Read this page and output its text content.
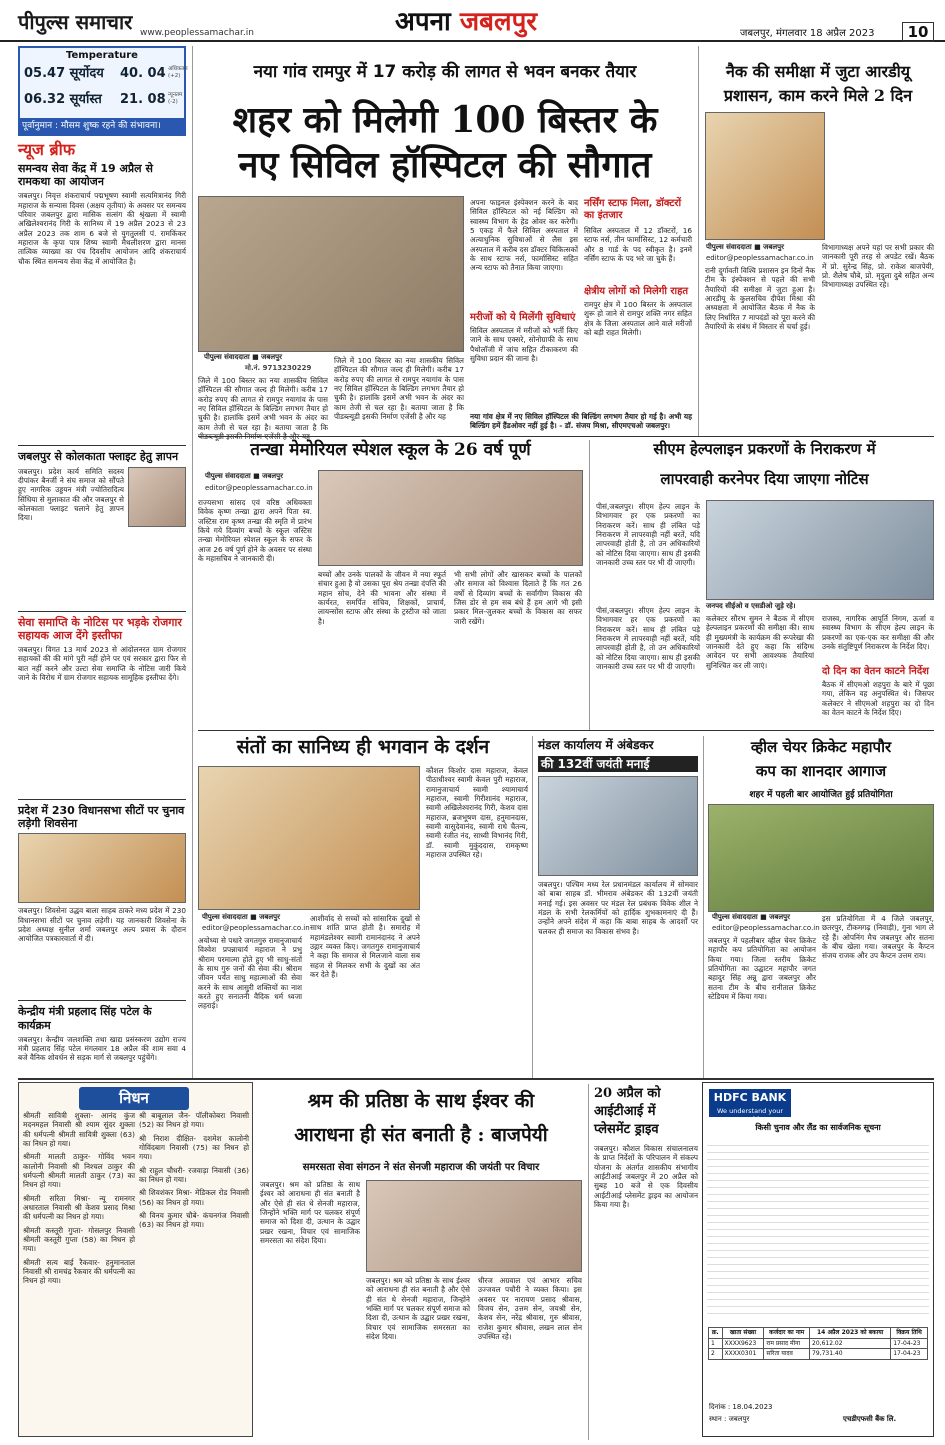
पीपुल्स समाचार www.peoplessamachar.in	अपना जबलपुर	जबलपुर, मंगलवार 18 अप्रैल 2023	10
Temperature
05.47 सूर्योदय 40. 04 अधिकतम (+2)
06.32 सूर्यास्त 21. 08 न्यूनतम (-2)
पूर्वानुमान : मौसम शुष्क रहने की संभावना।
न्यूज ब्रीफ
समन्वय सेवा केंद्र में 19 अप्रैल से रामकथा का आयोजन
जबलपुर। निवृत्त शंकराचार्य पद्मभूषण स्वामी सत्यमित्रानंद गिरी महाराज के सन्यास दिवस (अक्षय तृतीया) के अवसर पर समन्वय परिवार जबलपुर द्वारा मासिक सत्संग की श्रृंखला में स्वामी अखिलेश्वरानंद गिरी के सानिध्य में 19 अप्रैल 2023 से 23 अप्रैल 2023 तक शाम 6 बजे से युगतुलसी पं. रामकिंकर महाराज के कृपा पात्र शिष्य स्वामी मैथलीशरण द्वारा मानस तात्विक व्याख्या का पंच दिवसीय आयोजन आदि शंकराचार्य चौक स्थित समन्वय सेवा केंद्र में आयोजित है।
जबलपुर से कोलकाता फ्लाइट हेतु ज्ञापन
जबलपुर। प्रदेश कार्य समिति सदस्य दीपांकर बैनर्जी ने संघ समाज को सौंपते हुए नागरिक उड्डयन मंत्री ज्योतिरादित्य सिंधिया से मुलाकात की और जबलपुर से कोलकाता फ्लाइट चलाने हेतु ज्ञापन दिया।
सेवा समाप्ति के नोटिस पर भड़के रोजगार सहायक आज देंगे इस्तीफा
जबलपुर। विगत 13 मार्च 2023 से आंदोलनरत ग्राम रोजगार सहायकों की की मांगे पूरी नहीं होने पर एवं सरकार द्वारा फिर से बात नहीं करने और उल्टा सेवा समाप्ति के नोटिस जारी किये जाने के विरोध में ग्राम रोजगार सहायक सामूहिक इस्तीफा देंगे।
प्रदेश में 230 विधानसभा सीटों पर चुनाव लड़ेगी शिवसेना
जबलपुर। शिवसेना उद्धव बाला साहब ठाकरे मध्य प्रदेश में 230 विधानसभा सीटों पर चुनाव लड़ेगी। यह जानकारी शिवसेना के प्रदेश अध्यक्ष सुनील शर्मा जबलपुर अल्प प्रवास के दौरान आयोजित पत्रकारवार्ता में दी।
केन्द्रीय मंत्री प्रहलाद सिंह पटेल के कार्यक्रम
जबलपुर। केन्द्रीय जलशक्ति तथा खाद्य प्रसंस्करण उद्योग राज्य मंत्री प्रहलाद सिंह पटेल मंगलवार 18 अप्रैल की शाम सवा 4 बजे वैनिक शोवर्धन से सड़क मार्ग से जबलपुर पहुंचेंगे।
नया गांव रामपुर में 17 करोड़ की लागत से भवन बनकर तैयार
शहर को मिलेगी 100 बिस्तर के
नए सिविल हॉस्पिटल की सौगात
पीपुल्स संवाददाता ■ जबलपुर
मो.नं. 9713230229
जिले में 100 बिस्तर का नया शासकीय सिविल हॉस्पिटल की सौगात जल्द ही मिलेगी। करीब 17 करोड़ रुपए की लागत से रामपुर नयागांव के पास नए सिविल हॉस्पिटल के बिल्डिंग लगभग तैयार हो चुकी है। हालांकि इसमें अभी भवन के अंदर का काम तेजी से चल रहा है। बताया जाता है कि
जिले में 100 बिस्तर का नया शासकीय सिविल हॉस्पिटल की सौगात जल्द ही मिलेगी। करीब 17 करोड़ रुपए की लागत से रामपुर नयागांव के पास नए सिविल हॉस्पिटल के बिल्डिंग लगभग तैयार हो चुकी है। हालांकि इसमें अभी भवन के अंदर का काम तेजी से चल रहा है। बताया जाता है कि पीडब्ल्यूडी इसकी निर्माण एजेंसी है और यह
अपना फाइनल इंस्पेक्शन करने के बाद सिविल हॉस्पिटल को नई बिल्डिंग को स्वास्थ्य विभाग के हेड ओवर कर करेगी। 5 एकड़ में फैले सिविल अस्पताल में अत्याधुनिक सुविधाओं से लैस इस अस्पताल में करीब दस डॉक्टर चिकित्सकों के साथ स्टाफ नर्स, फार्मासिस्ट सहित अन्य स्टाफ को तैनात किया जाएगा।
मरीजों को ये मिलेंगी सुविधाएं
सिविल अस्पताल में मरीजों को भर्ती किए जाने के साथ एक्सरे, सोनोग्राफी के साथ पैथोलॉजी में जांच सहित टीकाकरण की सुविधा प्रदान की जाना है।
नर्सिंग स्टाफ मिला, डॉक्टरों का इंतजार
सिविल अस्पताल में 12 डॉक्टरों, 16 स्टाफ नर्स, तीन फार्मासिस्ट, 12 कर्मचारी और 8 गार्ड के पद स्वीकृत है। इनमें नर्सिंग स्टाफ के पद भरे जा चुके हैं।
क्षेत्रीय लोगों को मिलेगी राहत
रामपुर क्षेत्र में 100 बिस्तर के अस्पताल शुरू हो जाने से रामपुर शक्ति नगर सहित क्षेत्र के जिला अस्पताल आने वाले मरीजों को बड़ी राहत मिलेगी।
नया गांव क्षेत्र में नए सिविल हॉस्पिटल की बिल्डिंग लगभग तैयार हो गई है। अभी यह बिल्डिंग हमें हैंडओवर नहीं हुई है। - डॉ. संजय मिश्रा, सीएमएचओ जबलपुर।
नैक की समीक्षा में जुटा आरडीयू
प्रशासन, काम करने मिले 2 दिन
पीपुल्स संवाददाता ■ जबलपुर
editor@peoplessamachar.co.in
रानी दुर्गावती विश्वि प्रशासन इन दिनों नैक टीम के इंस्पेक्शन से पहले की सभी तैयारियों की समीक्षा में जुटा हुआ है। आरडीयू के कुलसचिव दीपेश मिश्रा की अध्यक्षता में आयोजित बैठक में नैक के लिए निर्धारित 7 मापदंडों को पूरा करने की तैयारियों के संबंध में विस्तार से चर्चा हुई।
विभागाध्यक्ष अपने यहां पर सभी प्रकार की जानकारी पूरी तरह से अपडेट रखें। बैठक में प्रो. सुरेन्द्र सिंह, प्रो. राकेश बाजपेयी, प्रो. शैलेष चौबे, प्रो. मृदुला दुबे सहित अन्य विभागाध्यक्ष उपस्थित रहे।
तन्खा मेमोरियल स्पेशल स्कूल के 26 वर्ष पूर्ण
पीपुल्स संवाददाता ■ जबलपुर
editor@peoplessamachar.co.in
राज्यसभा सांसद एवं वरिष्ठ अधिवक्ता विवेक कृष्ण तन्खा द्वारा अपने पिता स्व. जस्टिस राम कृष्ण तन्खा की स्मृति में प्रारंभ किये गये दिव्यांग बच्चों के स्कूल जस्टिस तन्खा मेमोरियल स्पेशल स्कूल के सफर के आज 26 वर्ष पूर्ण होने के अवसर पर संस्था के महासचिव ने जानकारी दी।
बच्चों और उनके पालकों के जीवन में नया स्फूर्त संचार हुआ है वो उसका पूरा श्रेय तन्खा दंपत्ति की महान सोच, देने की भावना और संस्था में कार्यरत, समर्पित संचिव, शिक्षकों, प्राचार्य, लायन्सोंस स्टाफ और संस्था के ट्रस्टीज को जाता है।
भी सभी लोगों और खासकर बच्चों के पालकों और समाज को विश्वास दिलाते हैं कि गत 26 वर्षों से दिव्यांग बच्चों के सर्वांगीण विकास की जिस डोर से हम सब बंधे हैं हम आगे भी इसी प्रकार मिल-जुलकर बच्चों के विकास का सफर जारी रखेंगे।
सीएम हेल्पलाइन प्रकरणों के निराकरण में
लापरवाही करनेपर दिया जाएगा नोटिस
पीसं,जबलपुर। सीएम हेल्प लाइन के विभागवार हर एक प्रकरणों का निराकरण करें। साथ ही लंबित पड़े निराकरण में लापरवाही नहीं बरतें, यदि लापरवाही होती है, तो उन अधिकारियों को नोटिस दिया जाएगा। साथ ही इसकी जानकारी उच्च स्तर पर भी दी जाएगी।
जनपद सीईओ व एसडीओ जुड़े रहे।
पीसं,जबलपुर। सीएम हेल्प लाइन के विभागवार हर एक प्रकरणों का निराकरण करें। साथ ही लंबित पड़े निराकरण में लापरवाही नहीं बरतें, यदि लापरवाही होती है, तो उन अधिकारियों को नोटिस दिया जाएगा। साथ ही इसकी जानकारी उच्च स्तर पर भी दी जाएगी।
कलेक्टर सौरभ सुमन ने बैठक में सीएम हेल्पलाइन प्रकरणों की समीक्षा की। साथ ही मुख्यमंत्री के कार्यक्रम की रूपरेखा की जानकारी देते हुए कहा कि संदिग्ध आवेदन पर सभी आवश्यक तैयारियां सुनिश्चित कर ली जाएं।
राजस्व, नागरिक आपूर्ति निगम, ऊर्जा व स्वास्थ्य विभाग के सीएम हेल्प लाइन के प्रकरणों का एक-एक कर समीक्षा की और उनके संतुष्टिपूर्ण निराकरण के निर्देश दिए।
दो दिन का वेतन काटने निर्देश
बैठक में सीएमओ शहपुरा के बारे में पूछा गया, लेकिन वह अनुपस्थित थे। जिसपर कलेक्टर ने सीएमओ शहपुरा का दो दिन का वेतन काटने के निर्देश दिए।
संतों का सानिध्य ही भगवान के दर्शन
पीपुल्स संवाददाता ■ जबलपुर
editor@peoplessamachar.co.in
अयोध्या से पधारे जगतगुरु रामानुजाचार्य विश्वेश प्रपन्नाचार्य महाराज ने प्रभु श्रीराम परमात्मा होते हुए भी साधु-संतों के साथ गुरु जनों की सेवा की। श्रीराम जीवन पर्यंत साधु महात्माओं की सेवा करने के साथ आसुरी शक्तियों का नाश करते हुए सनातनी वैदिक धर्म ध्वजा लहराई।
आशीर्वाद से सच्चों को सांसारिक दुखों से साथ शांति प्राप्त होती है। समारोह में महामंडलेश्वर स्वामी रामानंदानंद ने अपने उद्गार व्यक्त किए। जगतगुरु रामानुजाचार्य ने कहा कि समाज से मिलजाने वाला सब सहज से मिलकर सभी के दुखों का अंत कर देते हैं।
कौशल किशोर दास महाराज, केवल पीठाधीश्वर स्वामी केवल पुरी महाराज, रामानुजाचार्य स्वामी श्यामाचार्य महाराज, स्वामी गिरीशानंद महाराज, स्वामी अखिलेश्वरानंद गिरी, केशव दास महाराज, ब्रजभूषण दास, हनुमानदास, स्वामी वासुदेवानंद, स्वामी राधे चैतन्य, स्वामी रंजीत नंद, साध्वी विभानंद गिरी, डॉ. स्वामी मुकुंददास, रामकृष्ण महाराज उपस्थित रहे।
मंडल कार्यालय में अंबेडकर
की 132वीं जयंती मनाई
जबलपुर। पश्चिम मध्य रेल प्रधानमंडल कार्यालय में सोमवार को बाबा साहब डॉ. भीमराव अंबेडकर की 132वीं जयंती मनाई गई। इस अवसर पर मंडल रेल प्रबंधक विवेक शील ने मंडल के सभी रेलकर्मियों को हार्दिक शुभकामनाएं दी हैं। उन्होंने अपने संदेश में कहा कि बाबा साहब के आदर्शों पर चलकर ही समाज का विकास संभव है।
व्हील चेयर क्रिकेट महापौर
कप का शानदार आगाज
शहर में पहली बार आयोजित हुई प्रतियोगिता
पीपुल्स संवाददाता ■ जबलपुर
editor@peoplessamachar.co.in
जबलपुर में पहलीबार व्हील चेयर क्रिकेट महापौर कप प्रतियोगिता का आयोजन किया गया। जिला स्तरीय क्रिकेट प्रतियोगिता का उद्घाटन महापौर जगत बहादुर सिंह अन्नू द्वारा जबलपुर और सतना टीम के बीच रानीताल क्रिकेट स्टेडियम में किया गया।
इस प्रतियोगिता में 4 जिले जबलपुर, छतरपुर, टीकमगढ़ (निवाड़ी), गुना भाग ले रहे हैं। ओपनिंग मैच जबलपुर और सतना के बीच खेला गया। जबलपुर के कैप्टन संजय राजक और उप कैप्टन उत्तम राय।
निधन
श्रीमती सावित्री शुक्ला- आनंद कुंज मदनमहल निवासी श्री श्याम सुंदर शुक्ला की धर्मपत्नी श्रीमती सावित्री शुक्ला (63) का निधन हो गया।
श्रीमती मालती ठाकुर- गोविंद भवन कालोनी निवासी श्री निश्चल ठाकुर की धर्मपत्नी श्रीमती मालती ठाकुर (73) का निधन हो गया।
श्रीमती सरिता मिश्रा- न्यू रामनगर अधारताल निवासी श्री केशव प्रसाद मिश्रा की धर्मपत्नी का निधन हो गया।
श्रीमती कस्तूरी गुप्ता- गोसलपुर निवासी श्रीमती कस्तूरी गुप्ता (58) का निधन हो गया।
श्रीमती सत्य बाई रैकवार- हनुमानताल निवासी श्री रामचंद्र रैकवार की धर्मपत्नी का निधन हो गया।
श्री बाबूलाल जैन- पॉलीकोबरा निवासी (52) का निधन हो गया।
श्री निराश दीक्षित- दशमेश कालोनी गोविंदबाग निवासी (75) का निधन हो गया।
श्री राहुल चौधरी- रजवाड़ा निवासी (36) का निधन हो गया।
श्री शिवशंकर मिश्रा- मेडिकल रोड निवासी (56) का निधन हो गया।
श्री विनय कुमार चौबे- कंचनगंज निवासी (63) का निधन हो गया।
श्रम की प्रतिष्ठा के साथ ईश्वर की
आराधना ही संत बनाती है : बाजपेयी
समरसता सेवा संगठन ने संत सेनजी महाराज की जयंती पर विचार
जबलपुर। श्रम को प्रतिष्ठा के साथ ईश्वर को आराधना ही संत बनाती है और ऐसे ही संत थे सेनजी महाराज, जिन्होंने भक्ति मार्ग पर चलकर संपूर्ण समाज को दिशा दी, उत्थान के उद्घार प्रखर रखना, विचार एवं सामाजिक समरसता का संदेश दिया।
जबलपुर। श्रम को प्रतिष्ठा के साथ ईश्वर को आराधना ही संत बनाती है और ऐसे ही संत थे सेनजी महाराज, जिन्होंने भक्ति मार्ग पर चलकर संपूर्ण समाज को दिशा दी, उत्थान के उद्घार प्रखर रखना, विचार एवं सामाजिक समरसता का संदेश दिया।
धीरज अग्रवाल एवं आभार सचिव उज्जवल पचौरी ने व्यक्त किया। इस अवसर पर नारायण प्रसाद श्रीवास, विजय सेन, उत्तम सेन, जयश्री सेन, केशव सेन, नरेंद्र श्रीवास, गुरु श्रीवास, राजेश कुमार श्रीवास, लखन लाल सेन उपस्थित रहे।
20 अप्रैल को
आईटीआई में
प्लेसमेंट ड्राइव
जबलपुर। कौशल विकास संचालनालय के प्राप्त निर्देशों के परिपालन में संकल्प योजना के अंतर्गत शासकीय संभागीय आईटीआई जबलपुर में 20 अप्रैल को सुबह 10 बजे से एक दिवसीय आईटीआई प्लेसमेंट ड्राइव का आयोजन किया गया है।
HDFC BANK
We understand your world
किसी चुनाव और लैंड का सार्वजनिक सूचना
क्र.	खाता संख्या	कर्जदार का नाम	14 अप्रैल 2023 को बकाया	विक्रय तिथि
1	XXXX9623	राम प्रसाद मीना	20,612.02	17-04-23
2	XXXX0301	सरिता यादव	79,731.40	17-04-23
दिनांक : 18.04.2023
स्थान : जबलपुर	एचडीएफसी बैंक लि.
